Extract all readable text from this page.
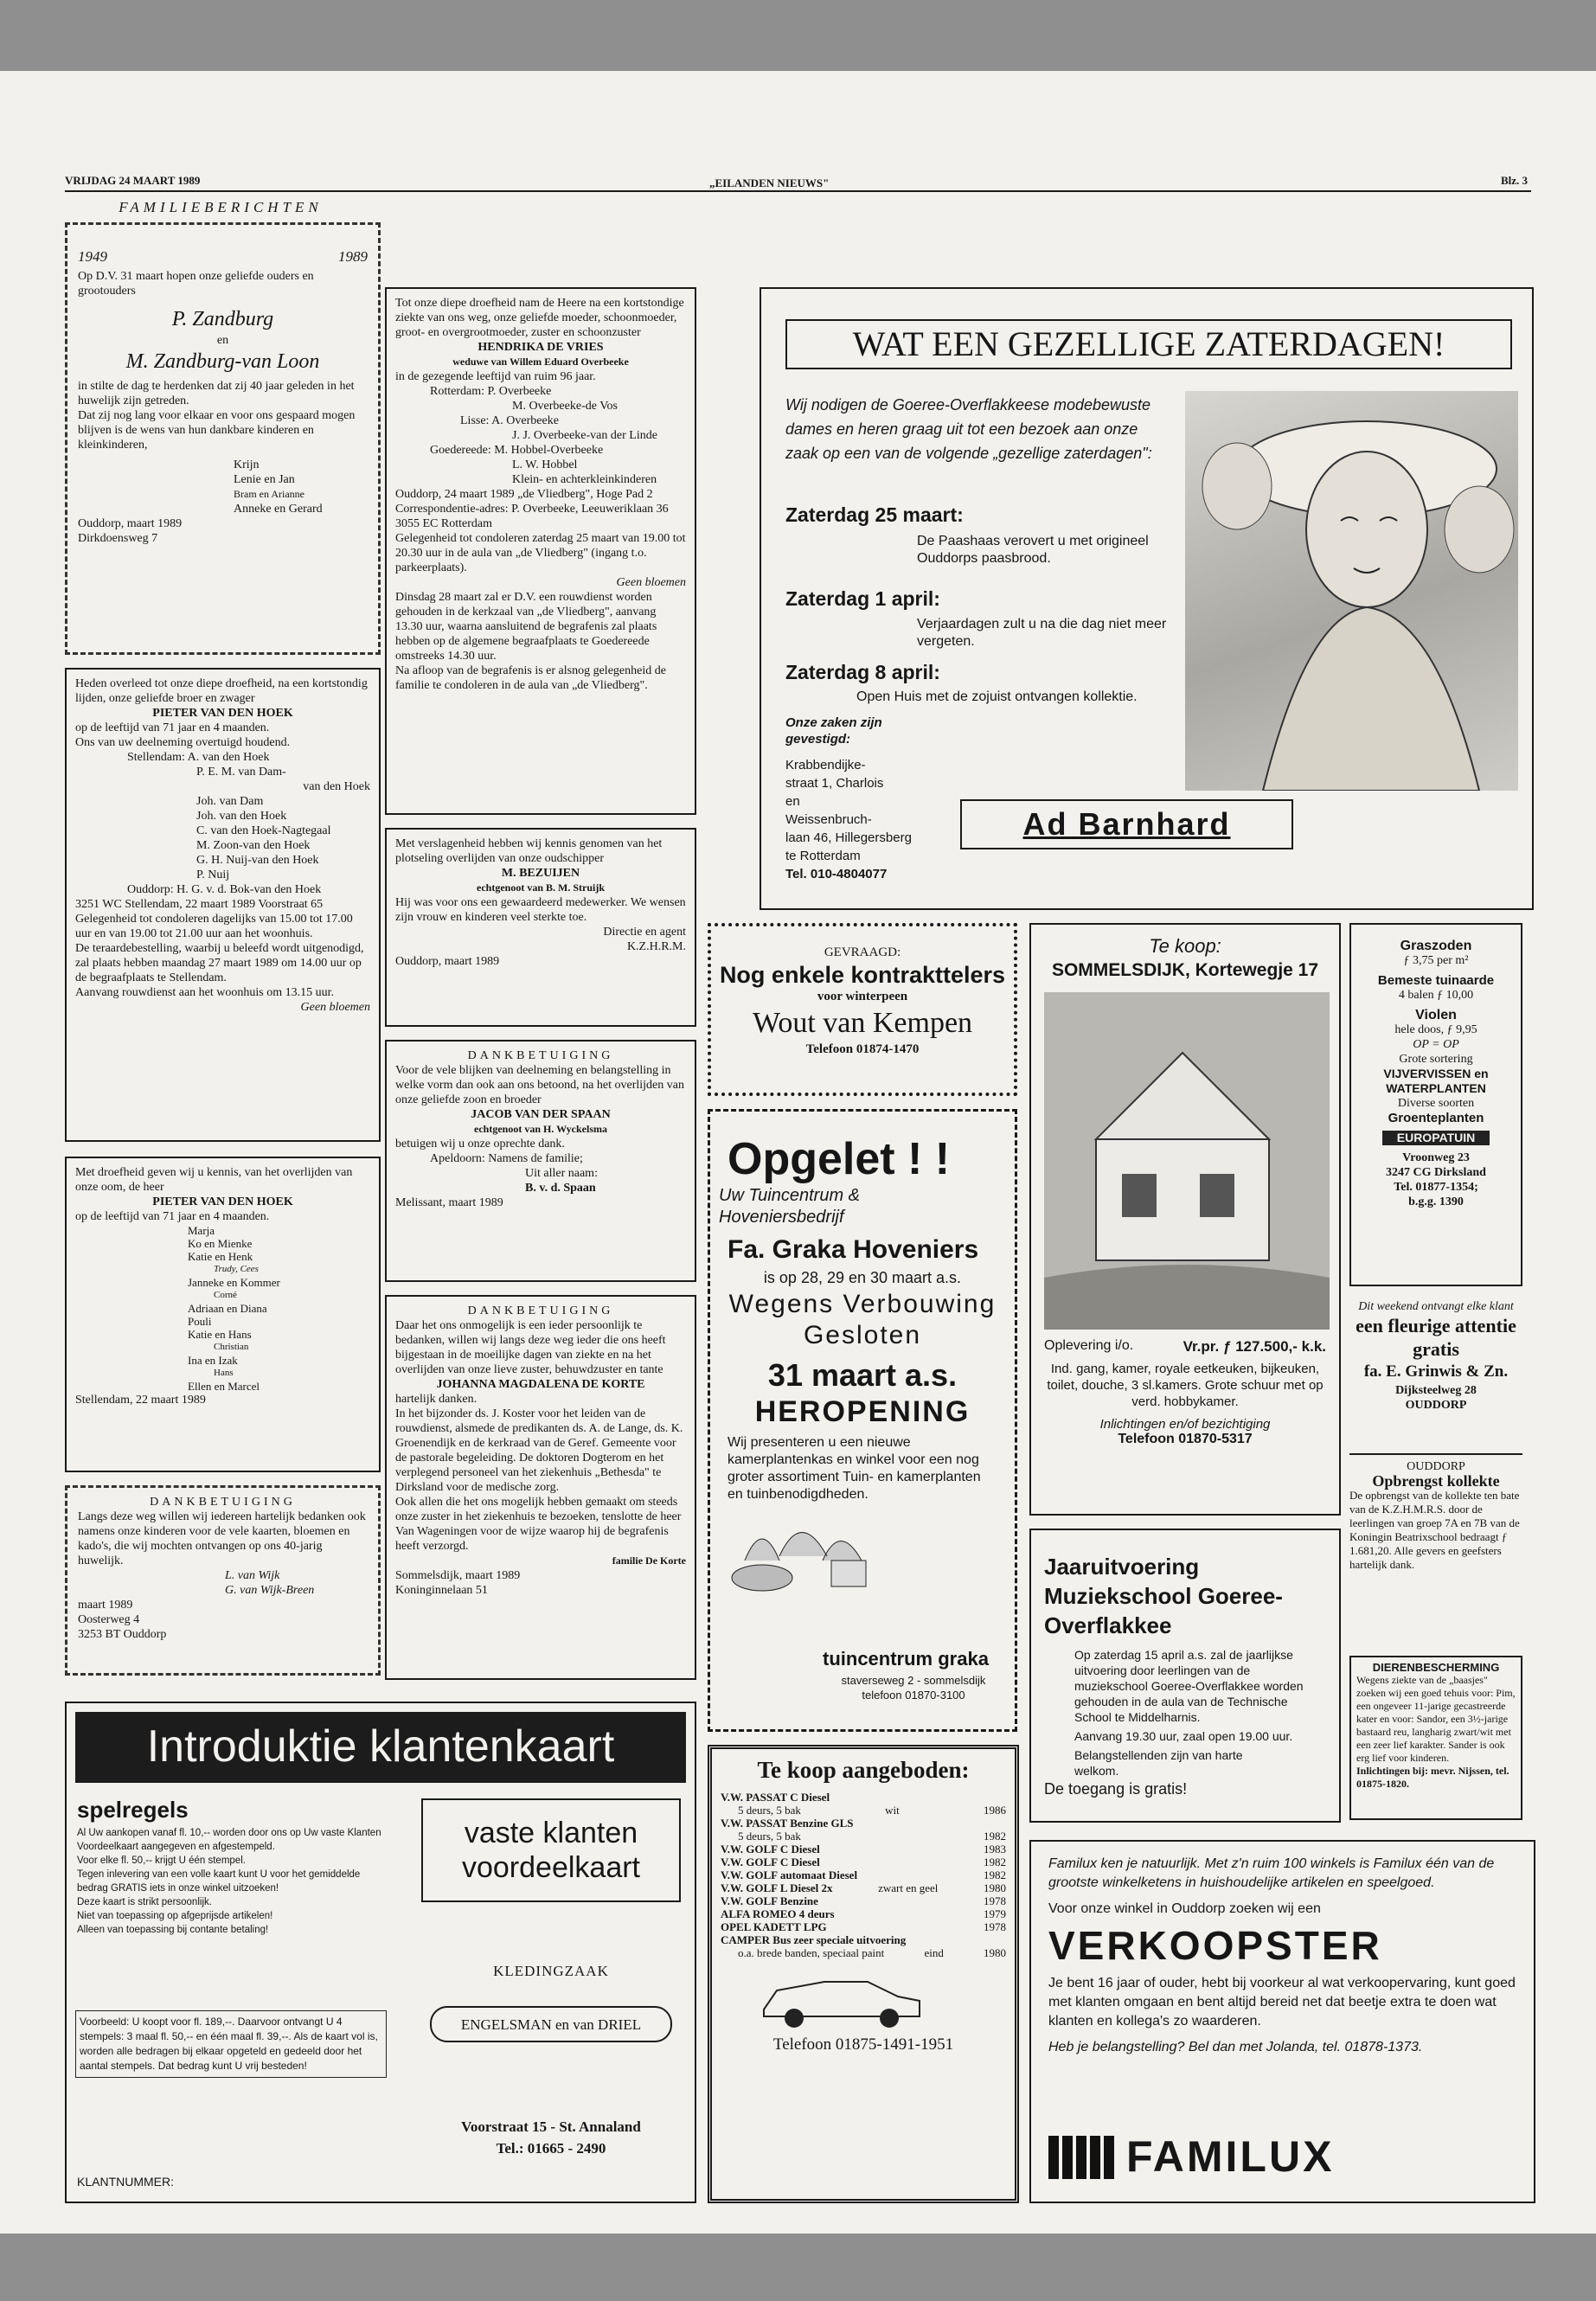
VRIJDAG 24 MAART 1989	„EILANDEN NIEUWS"	Blz. 3
FAMILIEBERICHTEN
1949	1989
Op D.V. 31 maart hopen onze geliefde ouders en grootouders
P. Zandburg
en
M. Zandburg-van Loon
in stilte de dag te herdenken dat zij 40 jaar geleden in het huwelijk zijn getreden.
Dat zij nog lang voor elkaar en voor ons gespaard mogen blijven is de wens van hun dankbare kinderen en kleinkinderen,
Krijn
Lenie en Jan
Bram en Arianne
Anneke en Gerard
Ouddorp, maart 1989
Dirkdoensweg 7
Heden overleed tot onze diepe droefheid, na een kortstondig lijden, onze geliefde broer en zwager
PIETER VAN DEN HOEK
op de leeftijd van 71 jaar en 4 maanden.
Ons van uw deelneming overtuigd houdend.
Stellendam: A. van den Hoek
P. E. M. van Dam-
van den Hoek
Joh. van Dam
Joh. van den Hoek
C. van den Hoek-Nagtegaal
M. Zoon-van den Hoek
G. H. Nuij-van den Hoek
P. Nuij
Ouddorp: H. G. v. d. Bok-van den Hoek
3251 WC Stellendam, 22 maart 1989 Voorstraat 65
Gelegenheid tot condoleren dagelijks van 15.00 tot 17.00 uur en van 19.00 tot 21.00 uur aan het woonhuis.
De teraardebestelling, waarbij u beleefd wordt uitgenodigd, zal plaats hebben maandag 27 maart 1989 om 14.00 uur op de begraafplaats te Stellendam.
Aanvang rouwdienst aan het woonhuis om 13.15 uur.
Geen bloemen
Met droefheid geven wij u kennis, van het overlijden van onze oom, de heer
PIETER VAN DEN HOEK
op de leeftijd van 71 jaar en 4 maanden.
Marja
Ko en Mienke
Katie en Henk
Trudy, Cees
Janneke en Kommer
Corné
Adriaan en Diana
Pouli
Katie en Hans
Christian
Ina en Izak
Hans
Ellen en Marcel
Stellendam, 22 maart 1989
DANKBETUIGING
Langs deze weg willen wij iedereen hartelijk bedanken ook namens onze kinderen voor de vele kaarten, bloemen en kado's, die wij mochten ontvangen op ons 40-jarig huwelijk.
L. van Wijk
G. van Wijk-Breen
maart 1989
Oosterweg 4
3253 BT Ouddorp
Tot onze diepe droefheid nam de Heere na een kortstondige ziekte van ons weg, onze geliefde moeder, schoonmoeder, groot- en overgrootmoeder, zuster en schoonzuster
HENDRIKA DE VRIES
weduwe van Willem Eduard Overbeeke
in de gezegende leeftijd van ruim 96 jaar.
Rotterdam: P. Overbeeke
M. Overbeeke-de Vos
Lisse: A. Overbeeke
J. J. Overbeeke-van der Linde
Goedereede: M. Hobbel-Overbeeke
L. W. Hobbel
Klein- en achterkleinkinderen
Ouddorp, 24 maart 1989 „de Vliedberg", Hoge Pad 2 Correspondentie-adres: P. Overbeeke, Leeuweriklaan 36 3055 EC Rotterdam
Gelegenheid tot condoleren zaterdag 25 maart van 19.00 tot 20.30 uur in de aula van „de Vliedberg" (ingang t.o. parkeerplaats).
Geen bloemen
Dinsdag 28 maart zal er D.V. een rouwdienst worden gehouden in de kerkzaal van „de Vliedberg", aanvang 13.30 uur, waarna aansluitend de begrafenis zal plaats hebben op de algemene begraafplaats te Goedereede omstreeks 14.30 uur.
Na afloop van de begrafenis is er alsnog gelegenheid de familie te condoleren in de aula van „de Vliedberg".
Met verslagenheid hebben wij kennis genomen van het plotseling overlijden van onze oudschipper
M. BEZUIJEN
echtgenoot van B. M. Struijk
Hij was voor ons een gewaardeerd medewerker. We wensen zijn vrouw en kinderen veel sterkte toe.
Directie en agent
K.Z.H.R.M.
Ouddorp, maart 1989
DANKBETUIGING
Voor de vele blijken van deelneming en belangstelling in welke vorm dan ook aan ons betoond, na het overlijden van onze geliefde zoon en broeder
JACOB VAN DER SPAAN
echtgenoot van H. Wyckelsma
betuigen wij u onze oprechte dank.
Apeldoorn: Namens de familie;
Uit aller naam:
B. v. d. Spaan
Melissant, maart 1989
DANKBETUIGING
Daar het ons onmogelijk is een ieder persoonlijk te bedanken, willen wij langs deze weg ieder die ons heeft bijgestaan in de moeilijke dagen van ziekte en na het overlijden van onze lieve zuster, behuwdzuster en tante
JOHANNA MAGDALENA DE KORTE
hartelijk danken.
In het bijzonder ds. J. Koster voor het leiden van de rouwdienst, alsmede de predikanten ds. A. de Lange, ds. K. Groenendijk en de kerkraad van de Geref. Gemeente voor de pastorale begeleiding. De doktoren Dogterom en het verplegend personeel van het ziekenhuis „Bethesda" te Dirksland voor de medische zorg.
Ook allen die het ons mogelijk hebben gemaakt om steeds onze zuster in het ziekenhuis te bezoeken, tenslotte de heer Van Wageningen voor de wijze waarop hij de begrafenis heeft verzorgd.
familie De Korte
Sommelsdijk, maart 1989
Koninginnelaan 51
WAT EEN GEZELLIGE ZATERDAGEN!
Wij nodigen de Goeree-Overflakkeese modebewuste dames en heren graag uit tot een bezoek aan onze zaak op een van de volgende „gezellige zaterdagen":
Zaterdag 25 maart:
De Paashaas verovert u met origineel Ouddorps paasbrood.
Zaterdag 1 april:
Verjaardagen zult u na die dag niet meer vergeten.
Zaterdag 8 april:
Open Huis met de zojuist ontvangen kollektie.
Onze zaken zijn gevestigd:
Krabbendijke-
straat 1, Charlois
en
Weissenbruch-
laan 46, Hillegersberg
te Rotterdam
Tel. 010-4804077
Ad Barnhard
GEVRAAGD:
Nog enkele kontrakttelers
voor winterpeen
Wout van Kempen
Telefoon 01874-1470
Opgelet ! !
Uw Tuincentrum & Hoveniersbedrijf
Fa. Graka Hoveniers
is op 28, 29 en 30 maart a.s.
Wegens Verbouwing Gesloten
31 maart a.s.
HEROPENING
Wij presenteren u een nieuwe kamerplantenkas en winkel voor een nog groter assortiment Tuin- en kamerplanten en tuinbenodigdheden.
tuincentrum graka
staverseweg 2 - sommelsdijk
telefoon 01870-3100
Te koop:
SOMMELSDIJK, Kortewegje 17
Oplevering i/o.	Vr.pr. ƒ 127.500,- k.k.
Ind. gang, kamer, royale eetkeuken, bijkeuken, toilet, douche, 3 sl.kamers. Grote schuur met op verd. hobbykamer.
Inlichtingen en/of bezichtiging
Telefoon 01870-5317
Jaaruitvoering Muziekschool Goeree-Overflakkee
Op zaterdag 15 april a.s. zal de jaarlijkse uitvoering door leerlingen van de muziekschool Goeree-Overflakkee worden gehouden in de aula van de Technische School te Middelharnis.
Aanvang 19.30 uur, zaal open 19.00 uur.
Belangstellenden zijn van harte welkom.
De toegang is gratis!
Graszoden
ƒ 3,75 per m²
Bemeste tuinaarde
4 balen ƒ 10,00
Violen
hele doos, ƒ 9,95
OP = OP
Grote sortering
VIJVERVISSEN en WATERPLANTEN
Diverse soorten
Groenteplanten
EUROPATUIN
Vroonweg 23
3247 CG Dirksland
Tel. 01877-1354;
b.g.g. 1390
Dit weekend ontvangt elke klant
een fleurige attentie gratis
fa. E. Grinwis & Zn.
Dijksteelweg 28
OUDDORP
OUDDORP
Opbrengst kollekte
De opbrengst van de kollekte ten bate van de K.Z.H.M.R.S. door de leerlingen van groep 7A en 7B van de Koningin Beatrixschool bedraagt ƒ 1.681,20. Alle gevers en geefsters hartelijk dank.
DIERENBESCHERMING
Wegens ziekte van de „baasjes" zoeken wij een goed tehuis voor: Pim, een ongeveer 11-jarige gecastreerde kater en voor: Sandor, een 3½-jarige bastaard reu, langharig zwart/wit met een zeer lief karakter. Sander is ook erg lief voor kinderen.
Inlichtingen bij: mevr. Nijssen, tel. 01875-1820.
Introduktie klantenkaart
spelregels
Al Uw aankopen vanaf fl. 10,-- worden door ons op Uw vaste Klanten Voordeelkaart aangegeven en afgestempeld.
Voor elke fl. 50,-- krijgt U één stempel.
Tegen inlevering van een volle kaart kunt U voor het gemiddelde bedrag GRATIS iets in onze winkel uitzoeken!
Deze kaart is strikt persoonlijk.
Niet van toepassing op afgeprijsde artikelen!
Alleen van toepassing bij contante betaling!
Voorbeeld: U koopt voor fl. 189,--. Daarvoor ontvangt U 4 stempels: 3 maal fl. 50,-- en één maal fl. 39,--. Als de kaart vol is, worden alle bedragen bij elkaar opgeteld en gedeeld door het aantal stempels. Dat bedrag kunt U vrij besteden!
KLANTNUMMER:
vaste klanten voordeelkaart
KLEDINGZAAK
ENGELSMAN en van DRIEL
Voorstraat 15 - St. Annaland
Tel.: 01665 - 2490
Te koop aangeboden:
V.W. PASSAT C Diesel
5 deurs, 5 bak	wit	1986
V.W. PASSAT Benzine GLS
5 deurs, 5 bak	1982
V.W. GOLF C Diesel	1983
V.W. GOLF C Diesel	1982
V.W. GOLF automaat Diesel	1982
V.W. GOLF L Diesel 2x	zwart en geel	1980
V.W. GOLF Benzine	1978
ALFA ROMEO 4 deurs	1979
OPEL KADETT LPG	1978
CAMPER Bus zeer speciale uitvoering
o.a. brede banden, speciaal paint	eind	1980
Telefoon 01875-1491-1951
Familux ken je natuurlijk. Met z'n ruim 100 winkels is Familux één van de grootste winkelketens in huishoudelijke artikelen en speelgoed.
Voor onze winkel in Ouddorp zoeken wij een
VERKOOPSTER
Je bent 16 jaar of ouder, hebt bij voorkeur al wat verkoopervaring, kunt goed met klanten omgaan en bent altijd bereid net dat beetje extra te doen wat klanten en kollega's zo waarderen.
Heb je belangstelling? Bel dan met Jolanda, tel. 01878-1373.
FAMILUX
